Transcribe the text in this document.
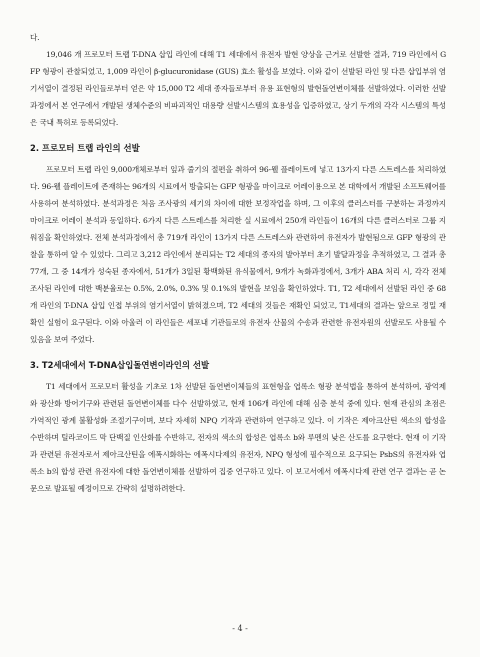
다.

19,046 개 프로모터 트랩 T-DNA 삽입 라인에 대해 T1 세대에서 유전자 발현 양상을 근거로 선발한 결과, 719 라인에서 GFP 형광이 관찰되었고, 1,009 라인이 β-glucuronidase (GUS) 효소 활성을 보였다. 이와 같이 선발된 라인 및 다른 삽입부위 염기서열이 결정된 라인들로부터 얻은 약 15,000 T2 세대 종자들로부터 유용 표현형의 발현돌연변이체를 선발하였다. 이러한 선발과정에서 본 연구에서 개발된 생체수준의 비파괴적인 대용량 선발시스템의 효용성을 입증하였고, 상기 두개의 각각 시스템의 특성은 국내 특허로 등록되었다.

2. 프로모터 트랩 라인의 선발

프로모터 트랩 라인 9,000개체로부터 잎과 줄기의 절편을 취하여 96-웰 플레이트에 넣고 13가지 다른 스트레스를 처리하였다. 96-웰 플레이트에 존재하는 96개의 시료에서 방출되는 GFP 형광을 마이크로 어레이용으로 본 대학에서 개발된 소프트웨어를 사용하여 분석하였다. 분석과정은 처음 조사광의 세기의 차이에 대한 보정작업을 하며, 그 이후의 클러스터를 구분하는 과정까지 마이크로 어레이 분석과 동일하다. 6가지 다른 스트레스를 처리한 실 시료에서 250개 라인들이 16개의 다른 클러스터로 그룹 지워짐을 확인하였다. 전체 분석과정에서 총 719개 라인이 13가지 다른 스트레스와 관련하여 유전자가 발현됨으로 GFP 형광의 관찰을 통하여 알 수 있었다. 그리고 3,212 라인에서 분리되는 T2 세대의 종자의 발아부터 초기 발달과정을 추적하였고, 그 결과 총 77개, 그 중 14개가 성숙된 종자에서, 51개가 3일된 황백화된 유식물에서, 9개가 녹화과정에서, 3개가 ABA 처리 시, 각각 전체 조사된 라인에 대한 백분율로는 0.5%, 2.0%, 0.3% 및 0.1%의 발현을 보임을 확인하였다. T1, T2 세대에서 선발된 라인 중 68개 라인의 T-DNA 삽입 인접 부위의 염기서열이 밝혀졌으며, T2 세대의 것들은 재확인 되었고, T1세대의 결과는 앞으로 정밀 재확인 실험이 요구된다. 이와 아울러 이 라인들은 세포내 기관들로의 유전자 산물의 수송과 관련한 유전자원의 선발로도 사용될 수 있음을 보여 주었다.

3. T2세대에서 T-DNA삽입돌연변이라인의 선발

T1 세대에서 프로모터 활성을 기초로 1차 선발된 돌연변이체들의 표현형을 엽록소 형광 분석법을 통하여 분석하여, 광억제와 광산화 방어기구와 관련된 돌연변이체를 다수 선발하였고, 현재 106개 라인에 대해 심층 분석 중에 있다. 현재 관심의 초점은 가역적인 광계 불활성화 조절기구이며, 보다 자세히 NPQ 기작과 관련하여 연구하고 있다. 이 기작은 제아크산틴 색소의 합성을 수반하며 틸라코이드 막 단백질 인산화를 수반하고, 전자의 색소의 합성은 엽록소 b와 루멘의 낮은 산도를 요구한다. 현재 이 기작과 관련된 유전자로서 제아크산틴을 에폭시화하는 에폭시다제의 유전자, NPQ 형성에 필수적으로 요구되는 PsbS의 유전자와 엽록소 b의 합성 관련 유전자에 대한 돌연변이체를 선발하여 집중 연구하고 있다. 이 보고서에서 에폭시다제 관련 연구 결과는 곧 논문으로 발표될 예정이므로 간략히 설명하려한다.

- 4 -
